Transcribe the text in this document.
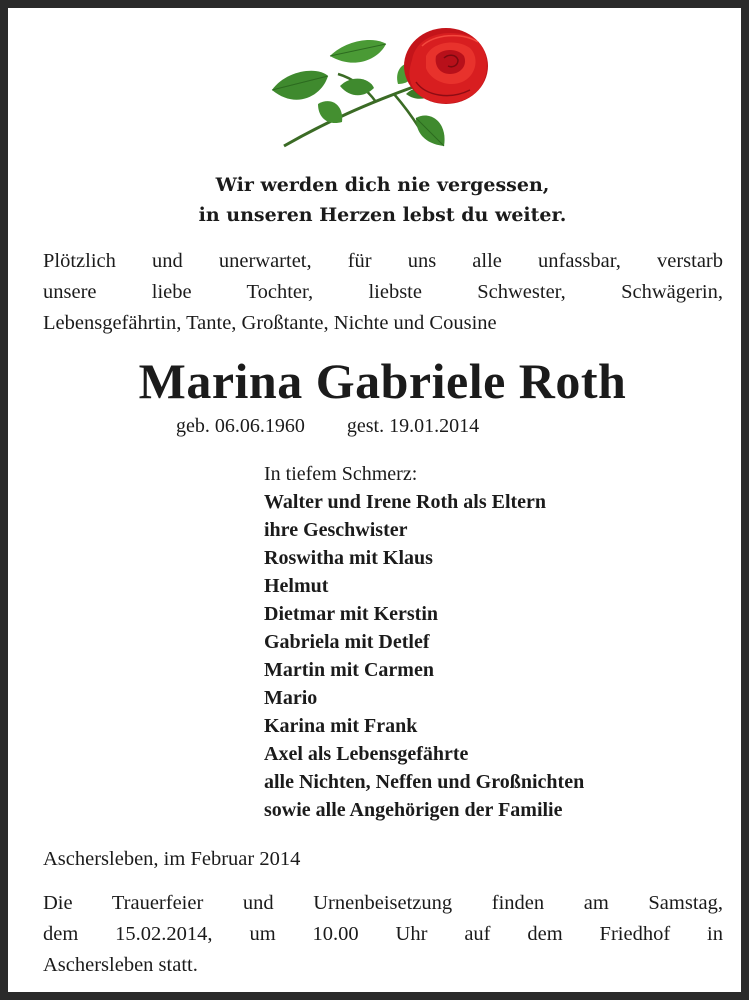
Wir werden dich nie vergessen,
in unseren Herzen lebst du weiter.
Plötzlich und unerwartet, für uns alle unfassbar, verstarb
unsere liebe Tochter, liebste Schwester, Schwägerin,
Lebensgefährtin, Tante, Großtante, Nichte und Cousine
Marina Gabriele Roth
geb. 06.06.1960 gest. 19.01.2014
In tiefem Schmerz:
Walter und Irene Roth als Eltern
ihre Geschwister
Roswitha mit Klaus
Helmut
Dietmar mit Kerstin
Gabriela mit Detlef
Martin mit Carmen
Mario
Karina mit Frank
Axel als Lebensgefährte
alle Nichten, Neffen und Großnichten
sowie alle Angehörigen der Familie
Aschersleben, im Februar 2014
Die Trauerfeier und Urnenbeisetzung finden am Samstag,
dem 15.02.2014, um 10.00 Uhr auf dem Friedhof in
Aschersleben statt.
